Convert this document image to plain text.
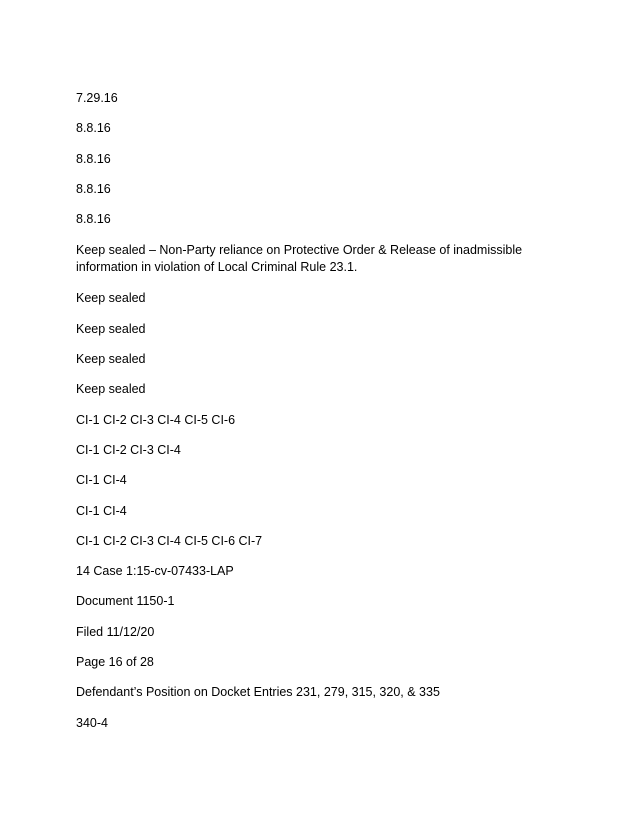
7.29.16
8.8.16
8.8.16
8.8.16
8.8.16
Keep sealed – Non-Party reliance on Protective Order & Release of inadmissible information in violation of Local Criminal Rule 23.1.
Keep sealed
Keep sealed
Keep sealed
Keep sealed
CI-1 CI-2 CI-3 CI-4 CI-5 CI-6
CI-1 CI-2 CI-3 CI-4
CI-1 CI-4
CI-1 CI-4
CI-1 CI-2 CI-3 CI-4 CI-5 CI-6 CI-7
14 Case 1:15-cv-07433-LAP
Document 1150-1
Filed 11/12/20
Page 16 of 28
Defendant’s Position on Docket Entries 231, 279, 315, 320, & 335
340-4
